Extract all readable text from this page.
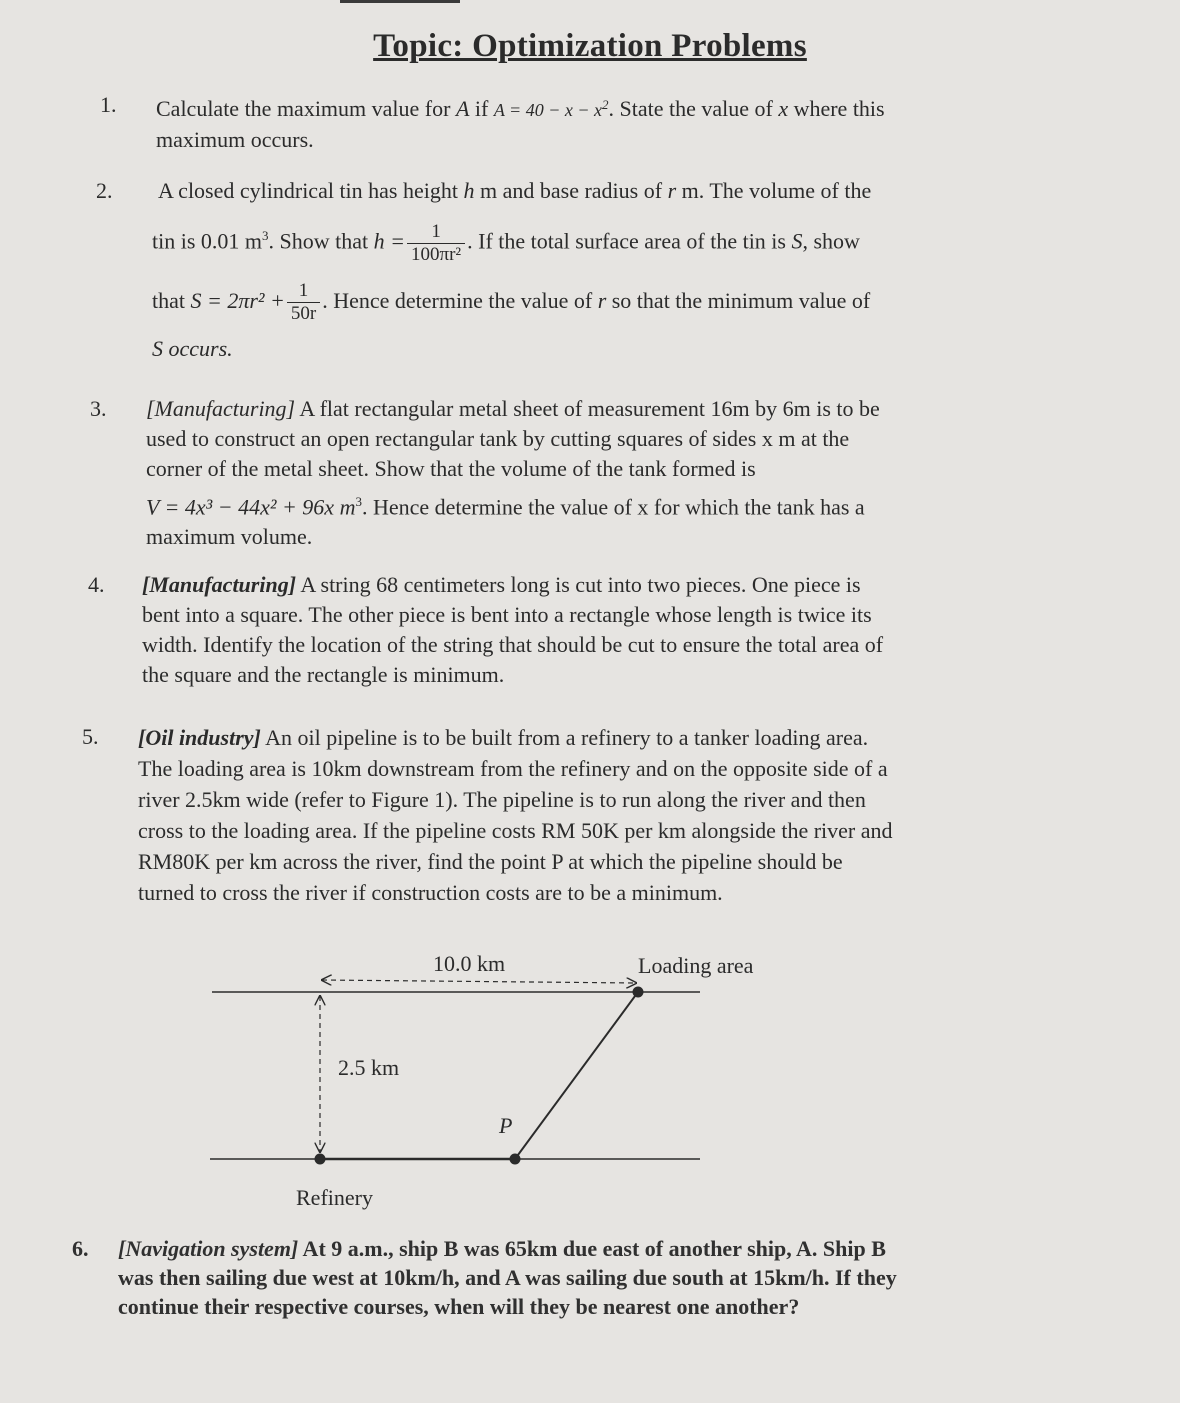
Topic: Optimization Problems
1. Calculate the maximum value for A if $A = 40 - x - x^2$. State the value of x where this
maximum occurs.
2. A closed cylindrical tin has height h m and base radius of r m. The volume of the
tin is 0.01 $m^3$. Show that $h = \frac{1}{\text{100πr²}}$ . If the total surface area of the tin is S, show
that $S = 2\pi r^2 + \frac{1}{50r}$ . Hence determine the value of r so that the minimum value of
S occurs.
3. [Manufacturing] A flat rectangular metal sheet of measurement 16m by 6m is to be
used to construct an open rectangular tank by cutting squares of sides x m at the
corner of the metal sheet. Show that the volume of the tank formed is
V = 4x³ − 44x² + 96x $m^3$. Hence determine the value of x for which the tank has a
maximum volume.
4. [Manufacturing] A string 68 centimeters long is cut into two pieces. One piece is
bent into a square. The other piece is bent into a rectangle whose length is twice its
width. Identify the location of the string that should be cut to ensure the total area of
the square and the rectangle is minimum.
5. [Oil industry] An oil pipeline is to be built from a refinery to a tanker loading area.
The loading area is 10km downstream from the refinery and on the opposite side of a
river 2.5km wide (refer to Figure 1). The pipeline is to run along the river and then
cross to the loading area. If the pipeline costs RM 50K per km alongside the river and
RM80K per km across the river, find the point P at which the pipeline should be
turned to cross the river if construction costs are to be a minimum.
10.0 km	Loading area
2.5 km
P
Refinery
6. [Navigation system] At 9 a.m., ship B was 65km due east of another ship, A. Ship B
was then sailing due west at 10km/h, and A was sailing due south at 15km/h. If they
continue their respective courses, when will they be nearest one another?
